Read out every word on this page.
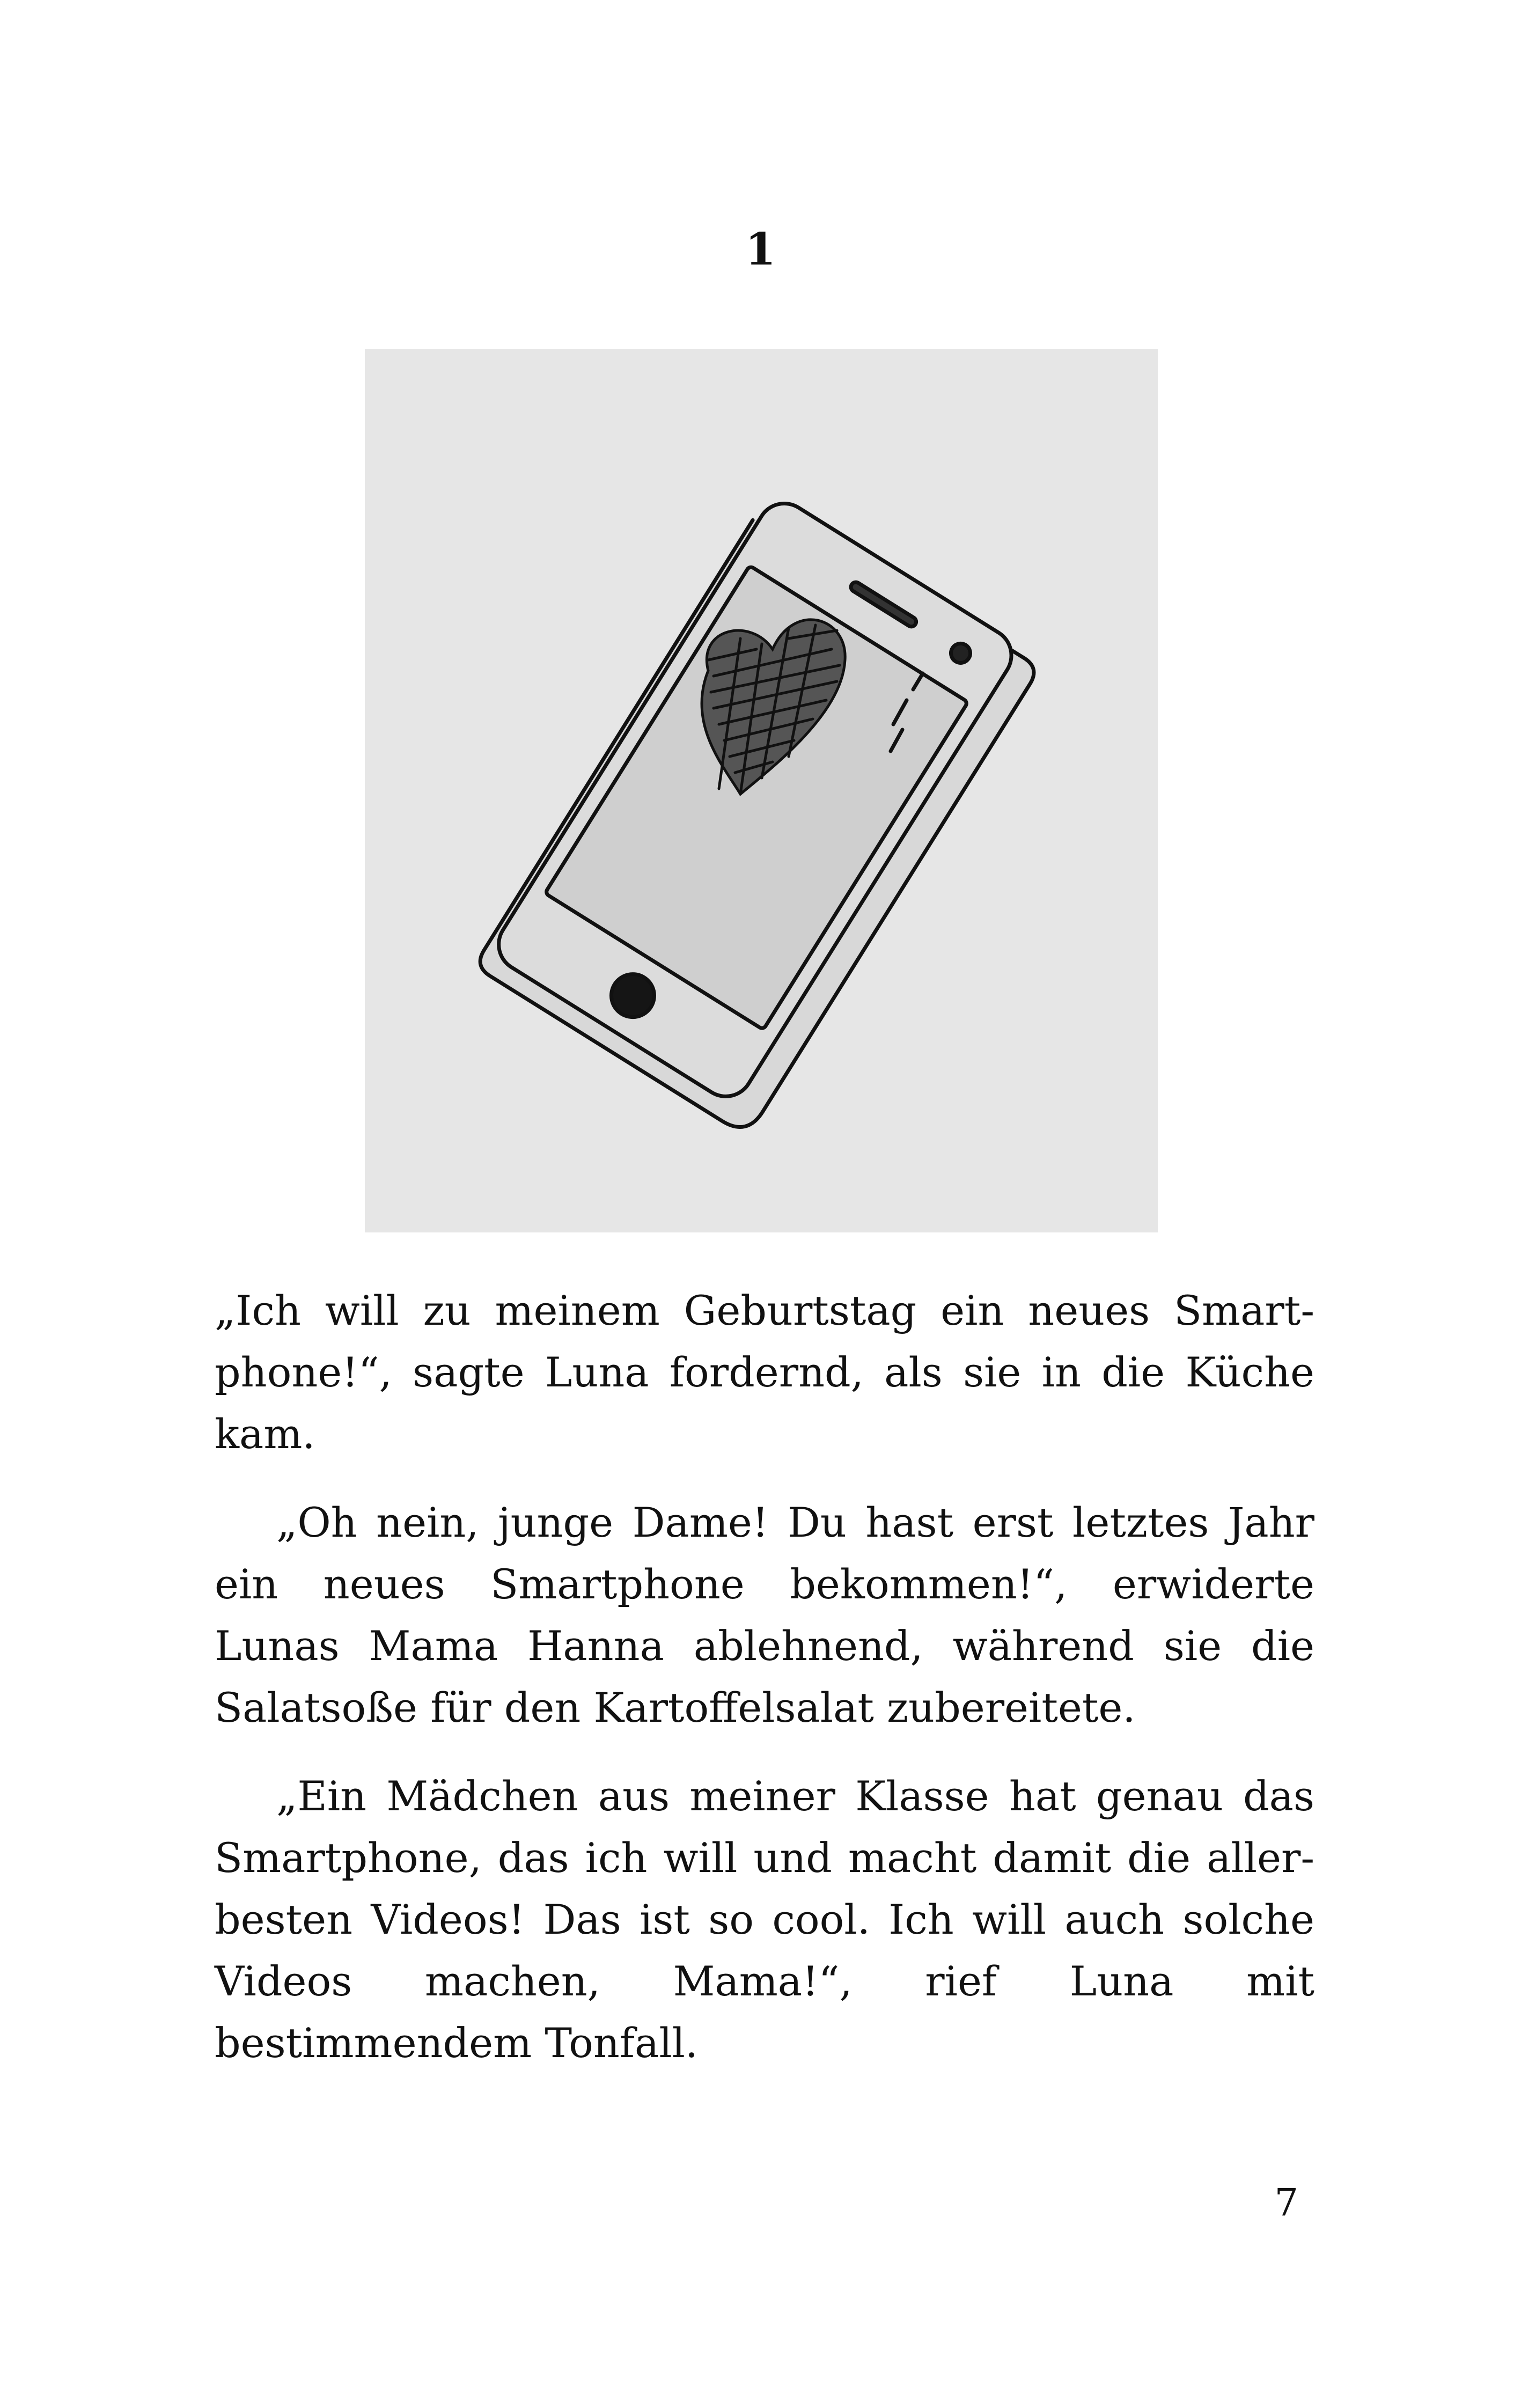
1

„Ich will zu meinem Geburtstag ein neues Smartphone!“, sagte Luna fordernd, als sie in die Küche kam.

„Oh nein, junge Dame! Du hast erst letztes Jahr ein neues Smartphone bekommen!“, erwiderte Lunas Mama Hanna ablehnend, während sie die Salatsoße für den Kartoffelsalat zubereitete.

„Ein Mädchen aus meiner Klasse hat genau das Smartphone, das ich will und macht damit die allerbesten Videos! Das ist so cool. Ich will auch solche Videos machen, Mama!“, rief Luna mit bestimmendem Tonfall.

7
